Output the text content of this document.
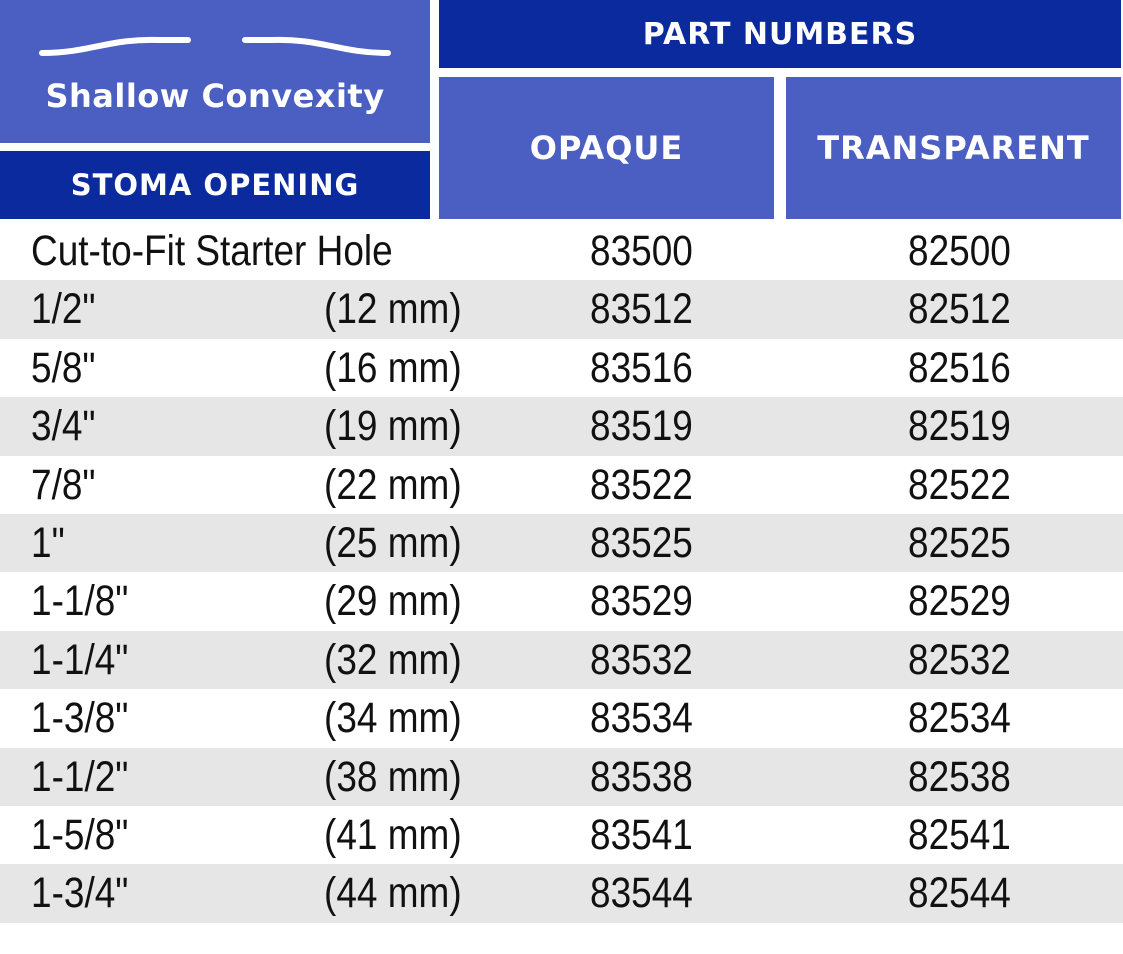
Shallow Convexity
STOMA OPENING
PART NUMBERS
OPAQUE	TRANSPARENT
Cut-to-Fit Starter Hole	83500	82500
1/2"	(12 mm)	83512	82512
5/8"	(16 mm)	83516	82516
3/4"	(19 mm)	83519	82519
7/8"	(22 mm)	83522	82522
1"	(25 mm)	83525	82525
1-1/8"	(29 mm)	83529	82529
1-1/4"	(32 mm)	83532	82532
1-3/8"	(34 mm)	83534	82534
1-1/2"	(38 mm)	83538	82538
1-5/8"	(41 mm)	83541	82541
1-3/4"	(44 mm)	83544	82544
